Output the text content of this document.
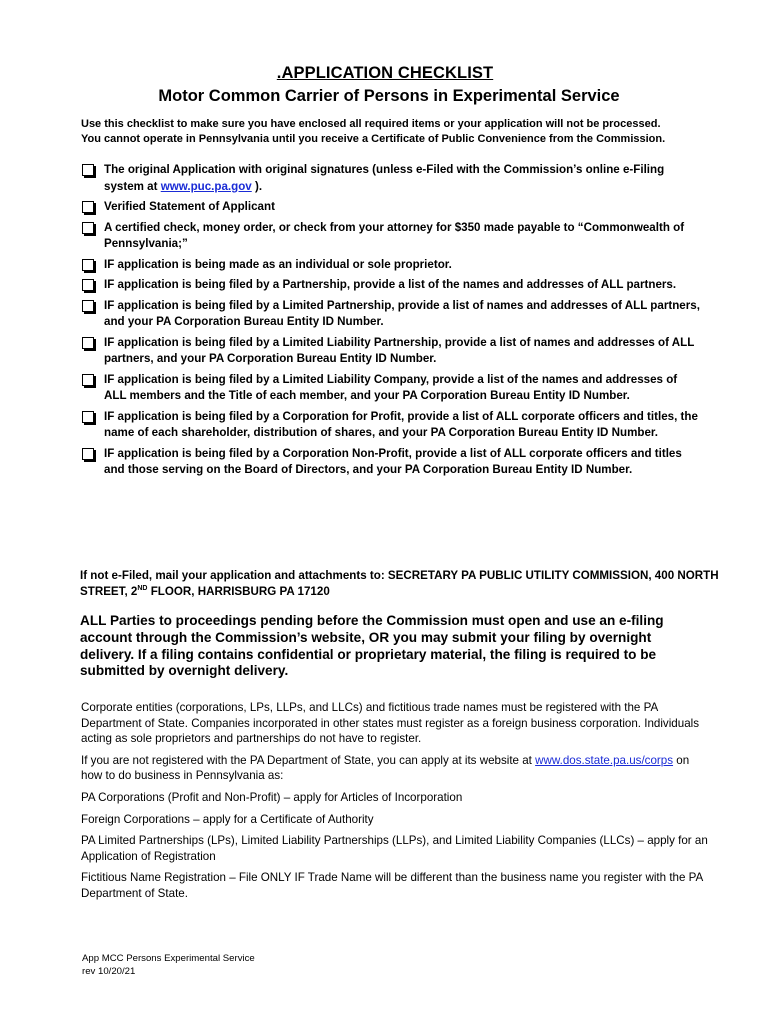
.APPLICATION CHECKLIST
Motor Common Carrier of Persons in Experimental Service
Use this checklist to make sure you have enclosed all required items or your application will not be processed.
You cannot operate in Pennsylvania until you receive a Certificate of Public Convenience from the Commission.
The original Application with original signatures (unless e-Filed with the Commission’s online e-Filing system at www.puc.pa.gov ).
Verified Statement of Applicant
A certified check, money order, or check from your attorney for $350 made payable to “Commonwealth of Pennsylvania;”
IF application is being made as an individual or sole proprietor.
IF application is being filed by a Partnership, provide a list of the names and addresses of ALL partners.
IF application is being filed by a Limited Partnership, provide a list of names and addresses of ALL partners, and your PA Corporation Bureau Entity ID Number.
IF application is being filed by a Limited Liability Partnership, provide a list of names and addresses of ALL partners, and your PA Corporation Bureau Entity ID Number.
IF application is being filed by a Limited Liability Company, provide a list of the names and addresses of ALL members and the Title of each member, and your PA Corporation Bureau Entity ID Number.
IF application is being filed by a Corporation for Profit, provide a list of ALL corporate officers and titles, the name of each shareholder, distribution of shares, and your PA Corporation Bureau Entity ID Number.
IF application is being filed by a Corporation Non-Profit, provide a list of ALL corporate officers and titles and those serving on the Board of Directors, and your PA Corporation Bureau Entity ID Number.
If not e-Filed, mail your application and attachments to: SECRETARY PA PUBLIC UTILITY COMMISSION, 400 NORTH STREET, 2ND FLOOR, HARRISBURG PA 17120
ALL Parties to proceedings pending before the Commission must open and use an e-filing account through the Commission’s website, OR you may submit your filing by overnight delivery. If a filing contains confidential or proprietary material, the filing is required to be submitted by overnight delivery.

Corporate entities (corporations, LPs, LLPs, and LLCs) and fictitious trade names must be registered with the PA Department of State. Companies incorporated in other states must register as a foreign business corporation. Individuals acting as sole proprietors and partnerships do not have to register.

If you are not registered with the PA Department of State, you can apply at its website at www.dos.state.pa.us/corps on how to do business in Pennsylvania as:

PA Corporations (Profit and Non-Profit) – apply for Articles of Incorporation

Foreign Corporations – apply for a Certificate of Authority

PA Limited Partnerships (LPs), Limited Liability Partnerships (LLPs), and Limited Liability Companies (LLCs) – apply for an Application of Registration

Fictitious Name Registration – File ONLY IF Trade Name will be different than the business name you register with the PA Department of State.

App MCC Persons Experimental Service
rev 10/20/21
